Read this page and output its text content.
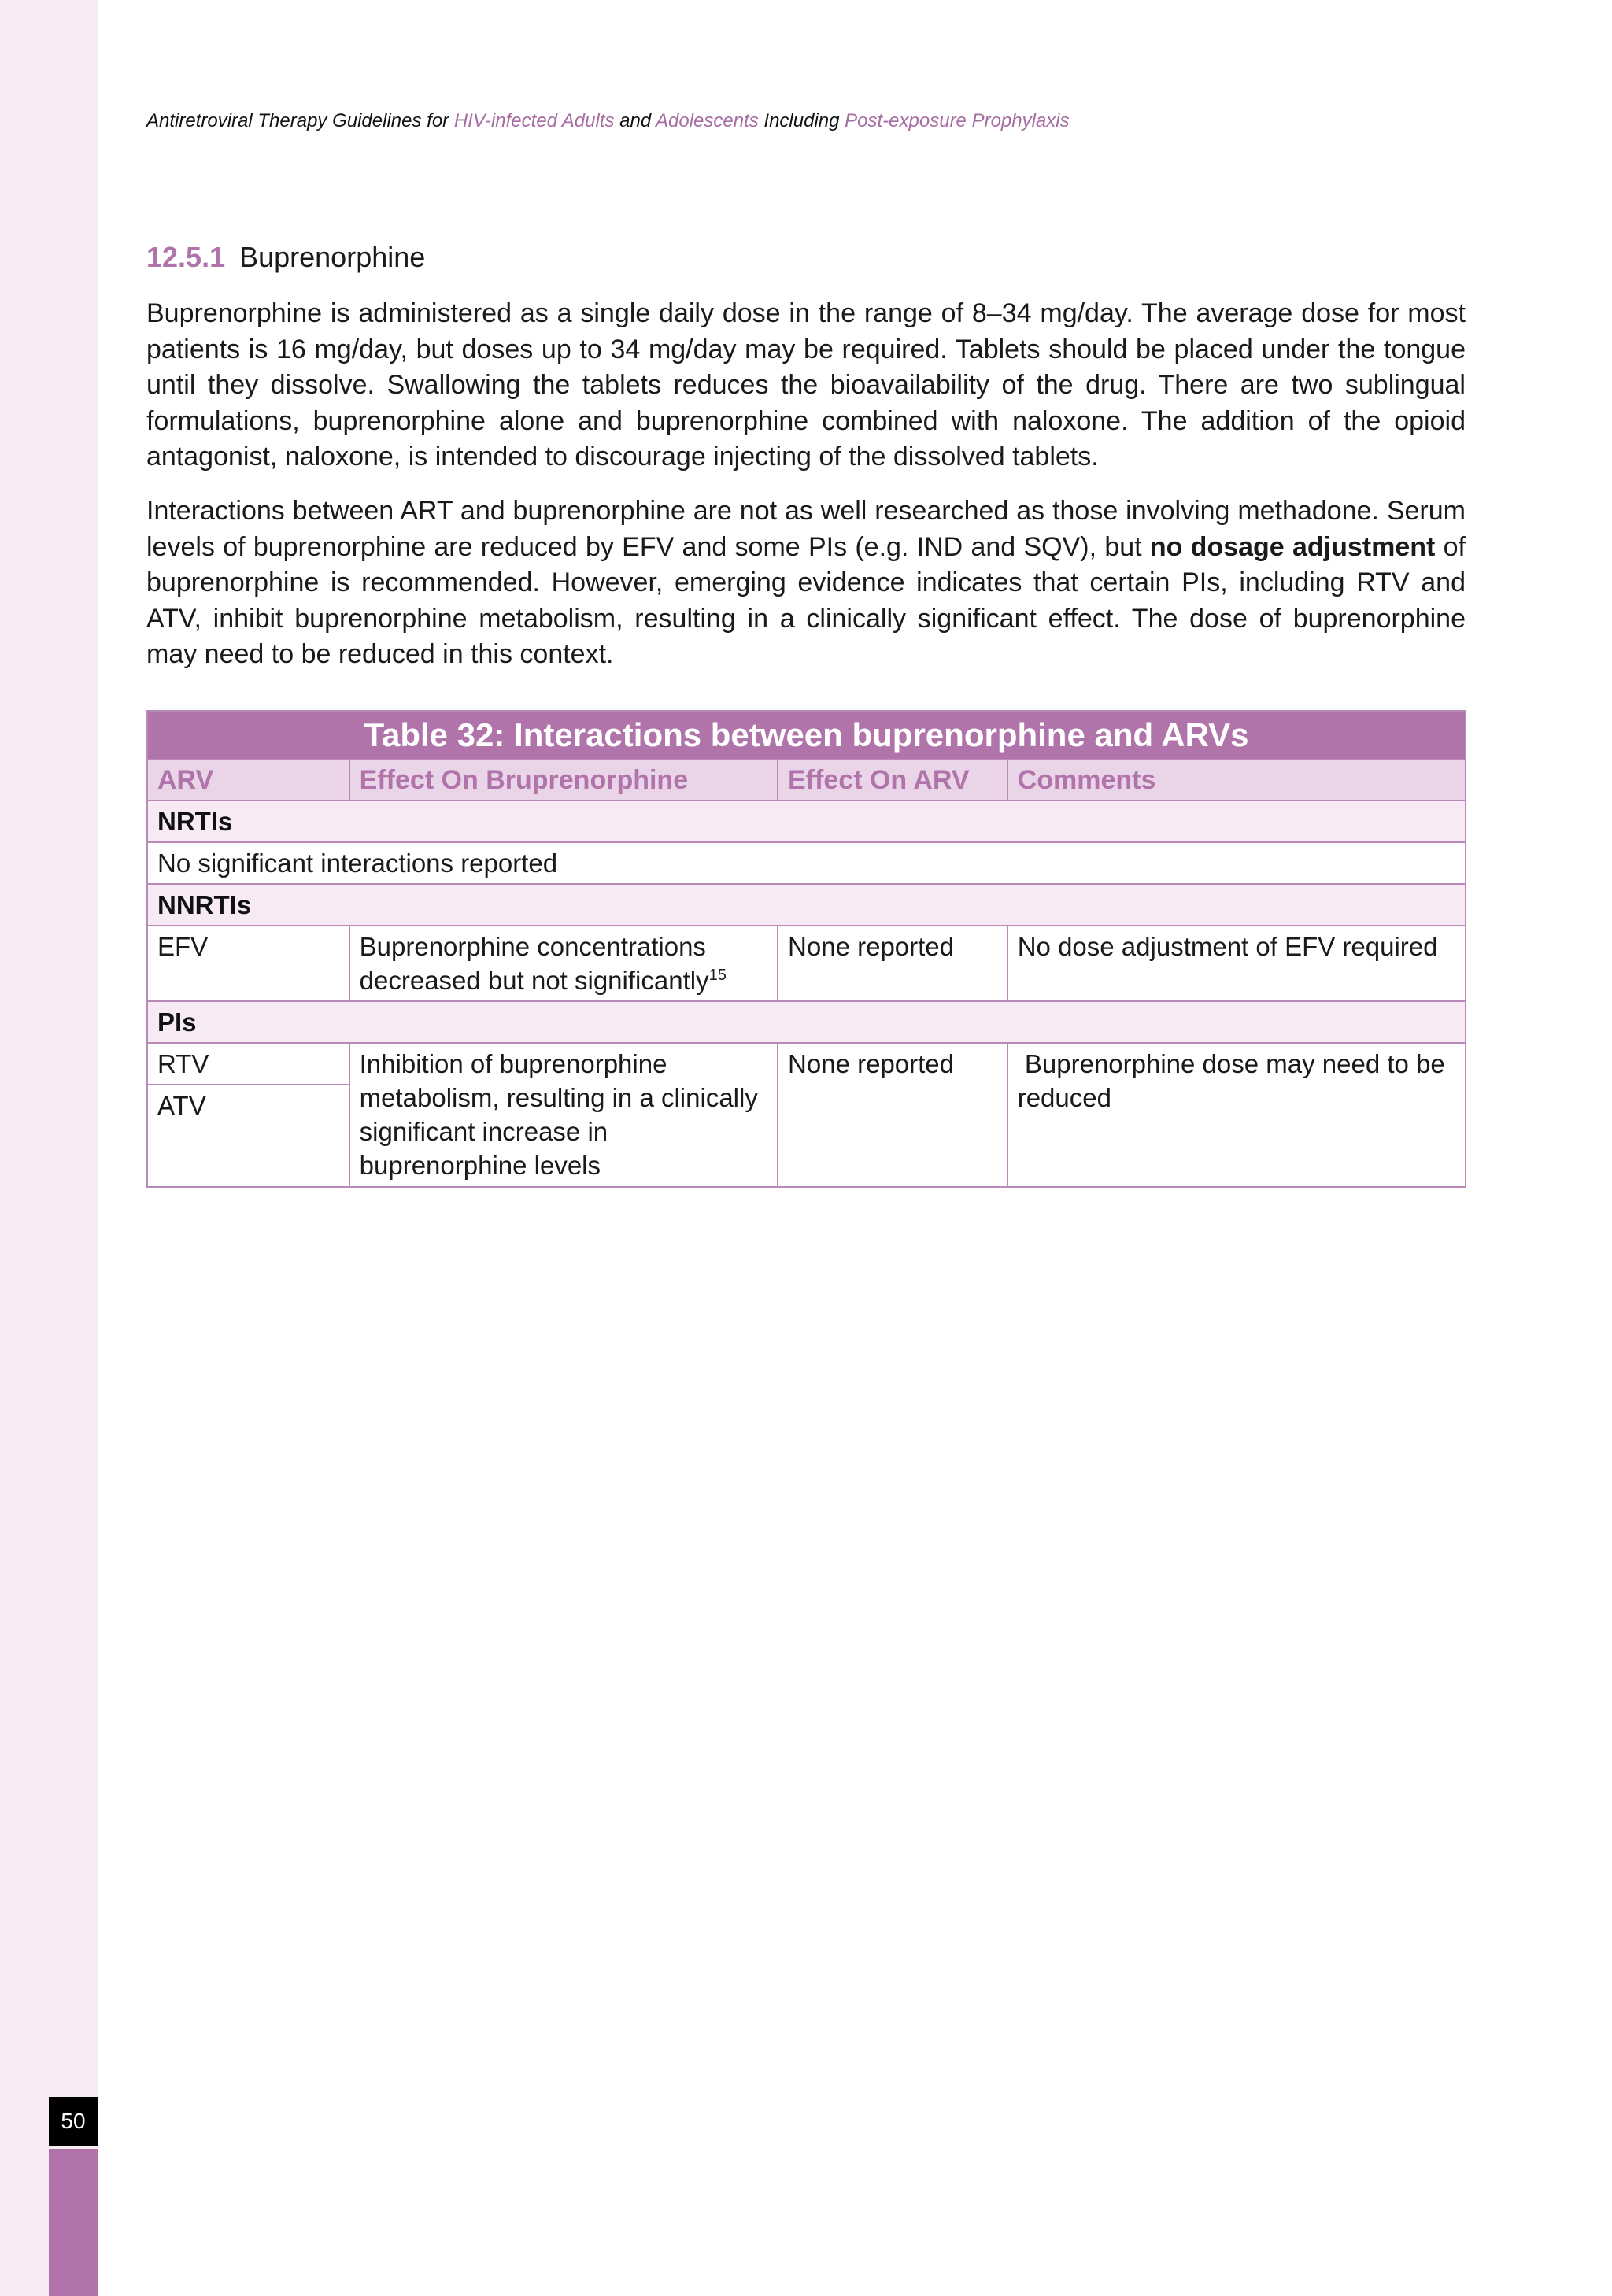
50
Antiretroviral Therapy Guidelines for HIV-infected Adults and Adolescents Including Post-exposure Prophylaxis
12.5.1 Buprenorphine
Buprenorphine is administered as a single daily dose in the range of 8–34 mg/day. The average dose for most patients is 16 mg/day, but doses up to 34 mg/day may be required. Tablets should be placed under the tongue until they dissolve. Swallowing the tablets reduces the bioavailability of the drug. There are two sublingual formulations, buprenorphine alone and buprenorphine combined with naloxone. The addition of the opioid antagonist, naloxone, is intended to discourage injecting of the dissolved tablets.
Interactions between ART and buprenorphine are not as well researched as those involving methadone. Serum levels of buprenorphine are reduced by EFV and some PIs (e.g. IND and SQV), but no dosage adjustment of buprenorphine is recommended. However, emerging evidence indicates that certain PIs, including RTV and ATV, inhibit buprenorphine metabolism, resulting in a clinically significant effect. The dose of buprenorphine may need to be reduced in this context.
Table 32: Interactions between buprenorphine and ARVs			
ARV	Effect On Bruprenorphine	Effect On ARV	Comments
NRTIs			
No significant interactions reported			
NNRTIs			
EFV	Buprenorphine concentrations decreased but not significantly$^{15}$	None reported	No dose adjustment of EFV required
PIs			
RTV	Inhibition of buprenorphine metabolism, resulting in a clinically significant increase in buprenorphine levels	None reported	Buprenorphine dose may need to be reduced
ATV			
